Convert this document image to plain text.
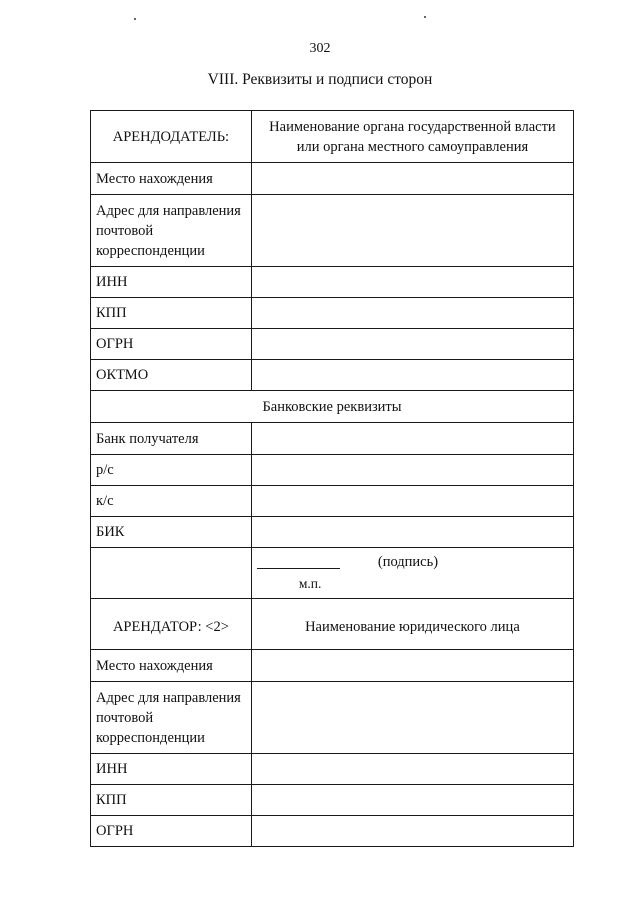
302
VIII. Реквизиты и подписи сторон
АРЕНДОДАТЕЛЬ:	Наименование органа государственной власти или органа местного самоуправления
Место нахождения	
Адрес для направления почтовой корреспонденции	
ИНН	
КПП	
ОГРН	
ОКТМО	
Банковские реквизиты	
Банк получателя	
р/с	
к/с	
БИК	

	(подпись)
м.п.

АРЕНДАТОР: <2>	Наименование юридического лица
Место нахождения	
Адрес для направления почтовой корреспонденции	
ИНН	
КПП	
ОГРН	
